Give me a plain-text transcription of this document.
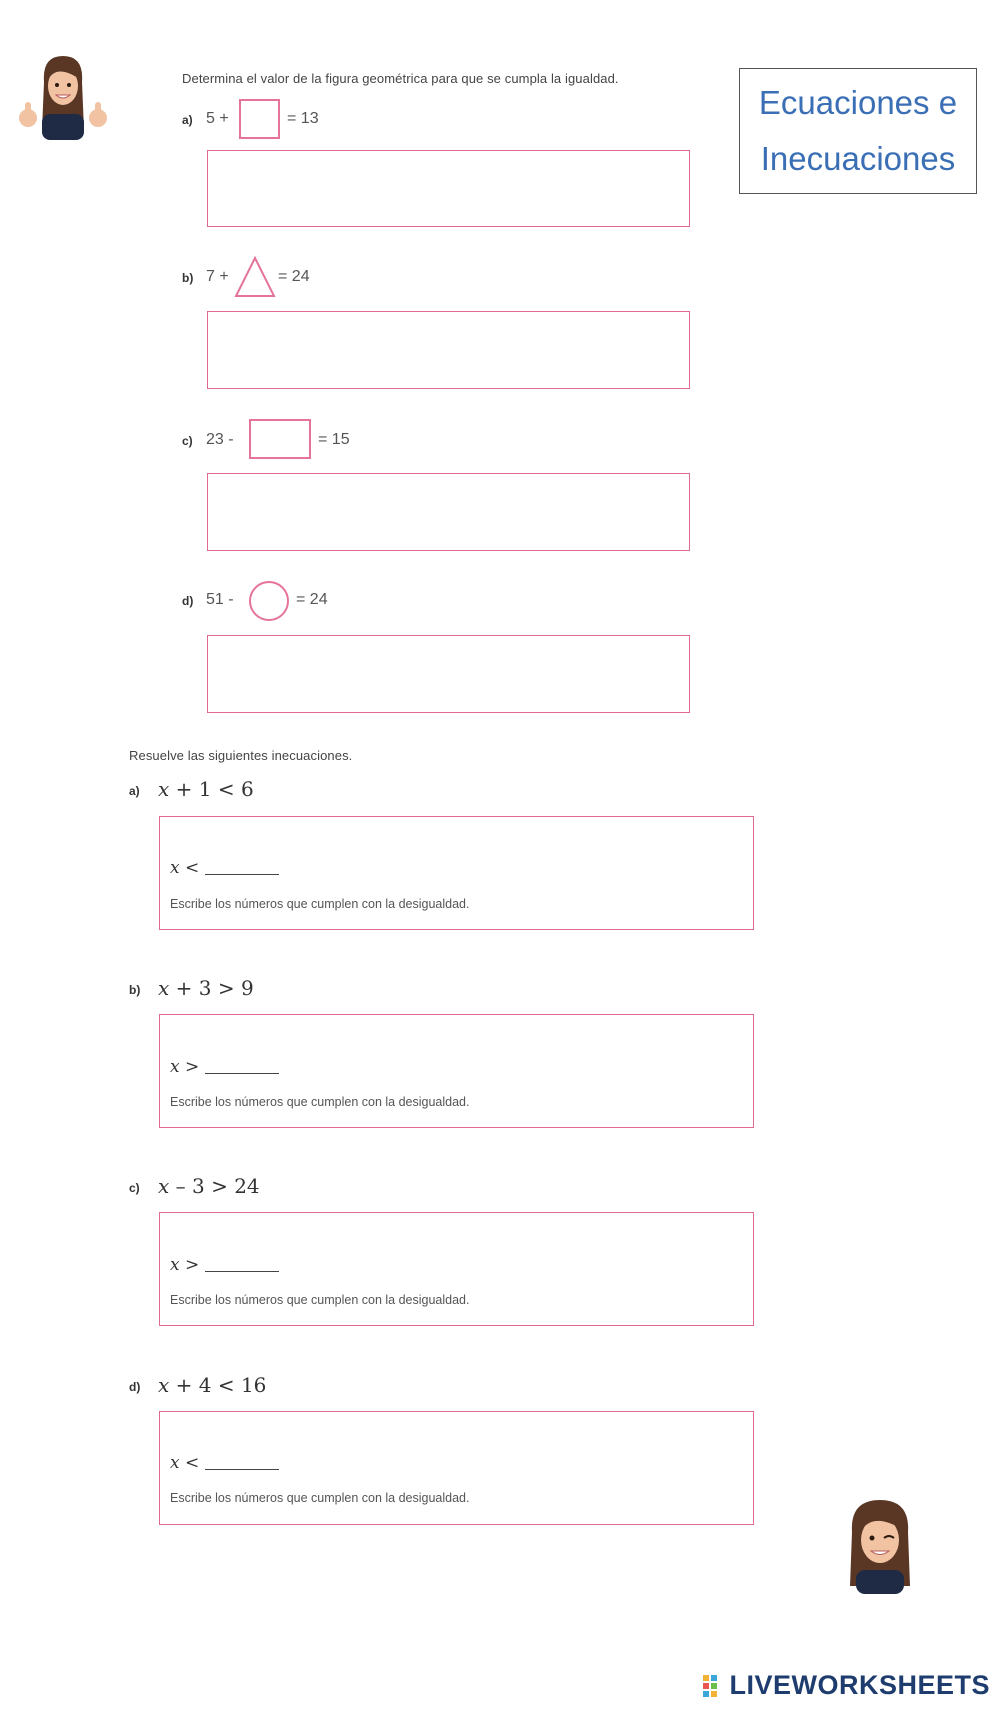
Ecuaciones e
Inecuaciones
Determina el valor de la figura geométrica para que se cumpla la igualdad.
a) 5 +	= 13
b) 7 +	= 24
c) 23 -	= 15
d) 51 -	= 24
Resuelve las siguientes inecuaciones.
a) x + 1 < 6
x <
Escribe los números que cumplen con la desigualdad.
b) x + 3 > 9
x >
Escribe los números que cumplen con la desigualdad.
c) x – 3 > 24
x >
Escribe los números que cumplen con la desigualdad.
d) x + 4 < 16
x <
Escribe los números que cumplen con la desigualdad.
LIVEWORKSHEETS
